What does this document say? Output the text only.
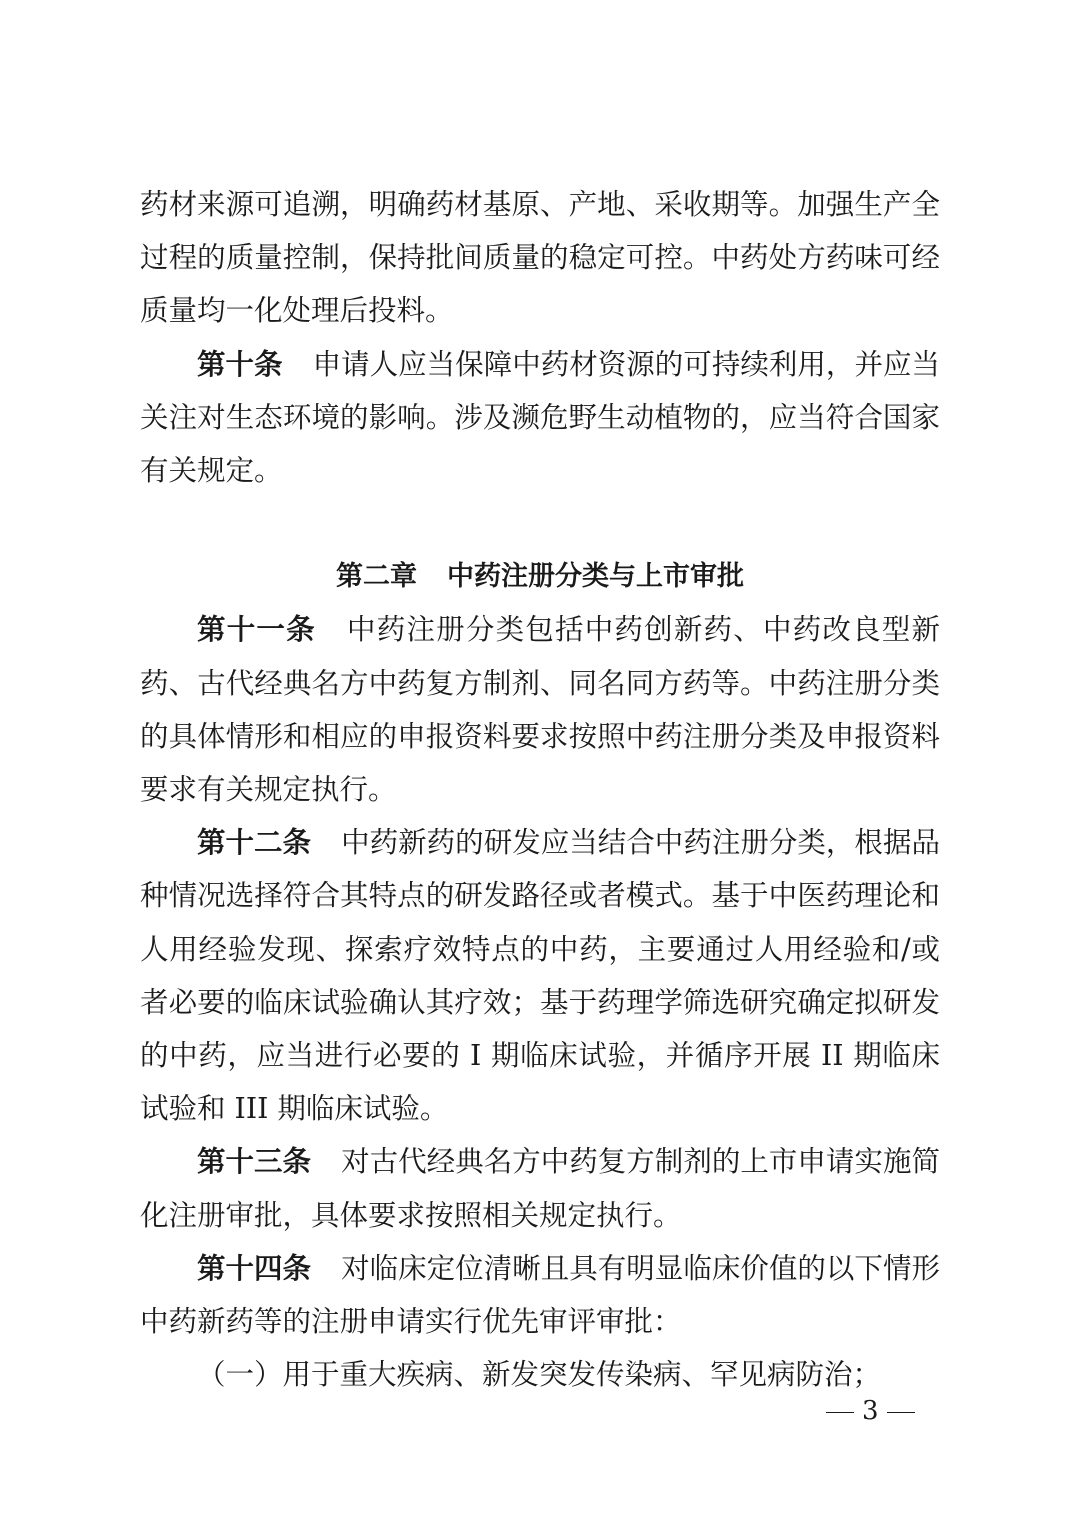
药材来源可追溯，明确药材基原、产地、采收期等。加强生产全过程的质量控制，保持批间质量的稳定可控。中药处方药味可经质量均一化处理后投料。

第十条 申请人应当保障中药材资源的可持续利用，并应当关注对生态环境的影响。涉及濒危野生动植物的，应当符合国家有关规定。

第二章 中药注册分类与上市审批

第十一条 中药注册分类包括中药创新药、中药改良型新药、古代经典名方中药复方制剂、同名同方药等。中药注册分类的具体情形和相应的申报资料要求按照中药注册分类及申报资料要求有关规定执行。

第十二条 中药新药的研发应当结合中药注册分类，根据品种情况选择符合其特点的研发路径或者模式。基于中医药理论和人用经验发现、探索疗效特点的中药，主要通过人用经验和/或者必要的临床试验确认其疗效；基于药理学筛选研究确定拟研发的中药，应当进行必要的 I 期临床试验，并循序开展 II 期临床试验和 III 期临床试验。

第十三条 对古代经典名方中药复方制剂的上市申请实施简化注册审批，具体要求按照相关规定执行。

第十四条 对临床定位清晰且具有明显临床价值的以下情形中药新药等的注册申请实行优先审评审批：

（一）用于重大疾病、新发突发传染病、罕见病防治；

3
